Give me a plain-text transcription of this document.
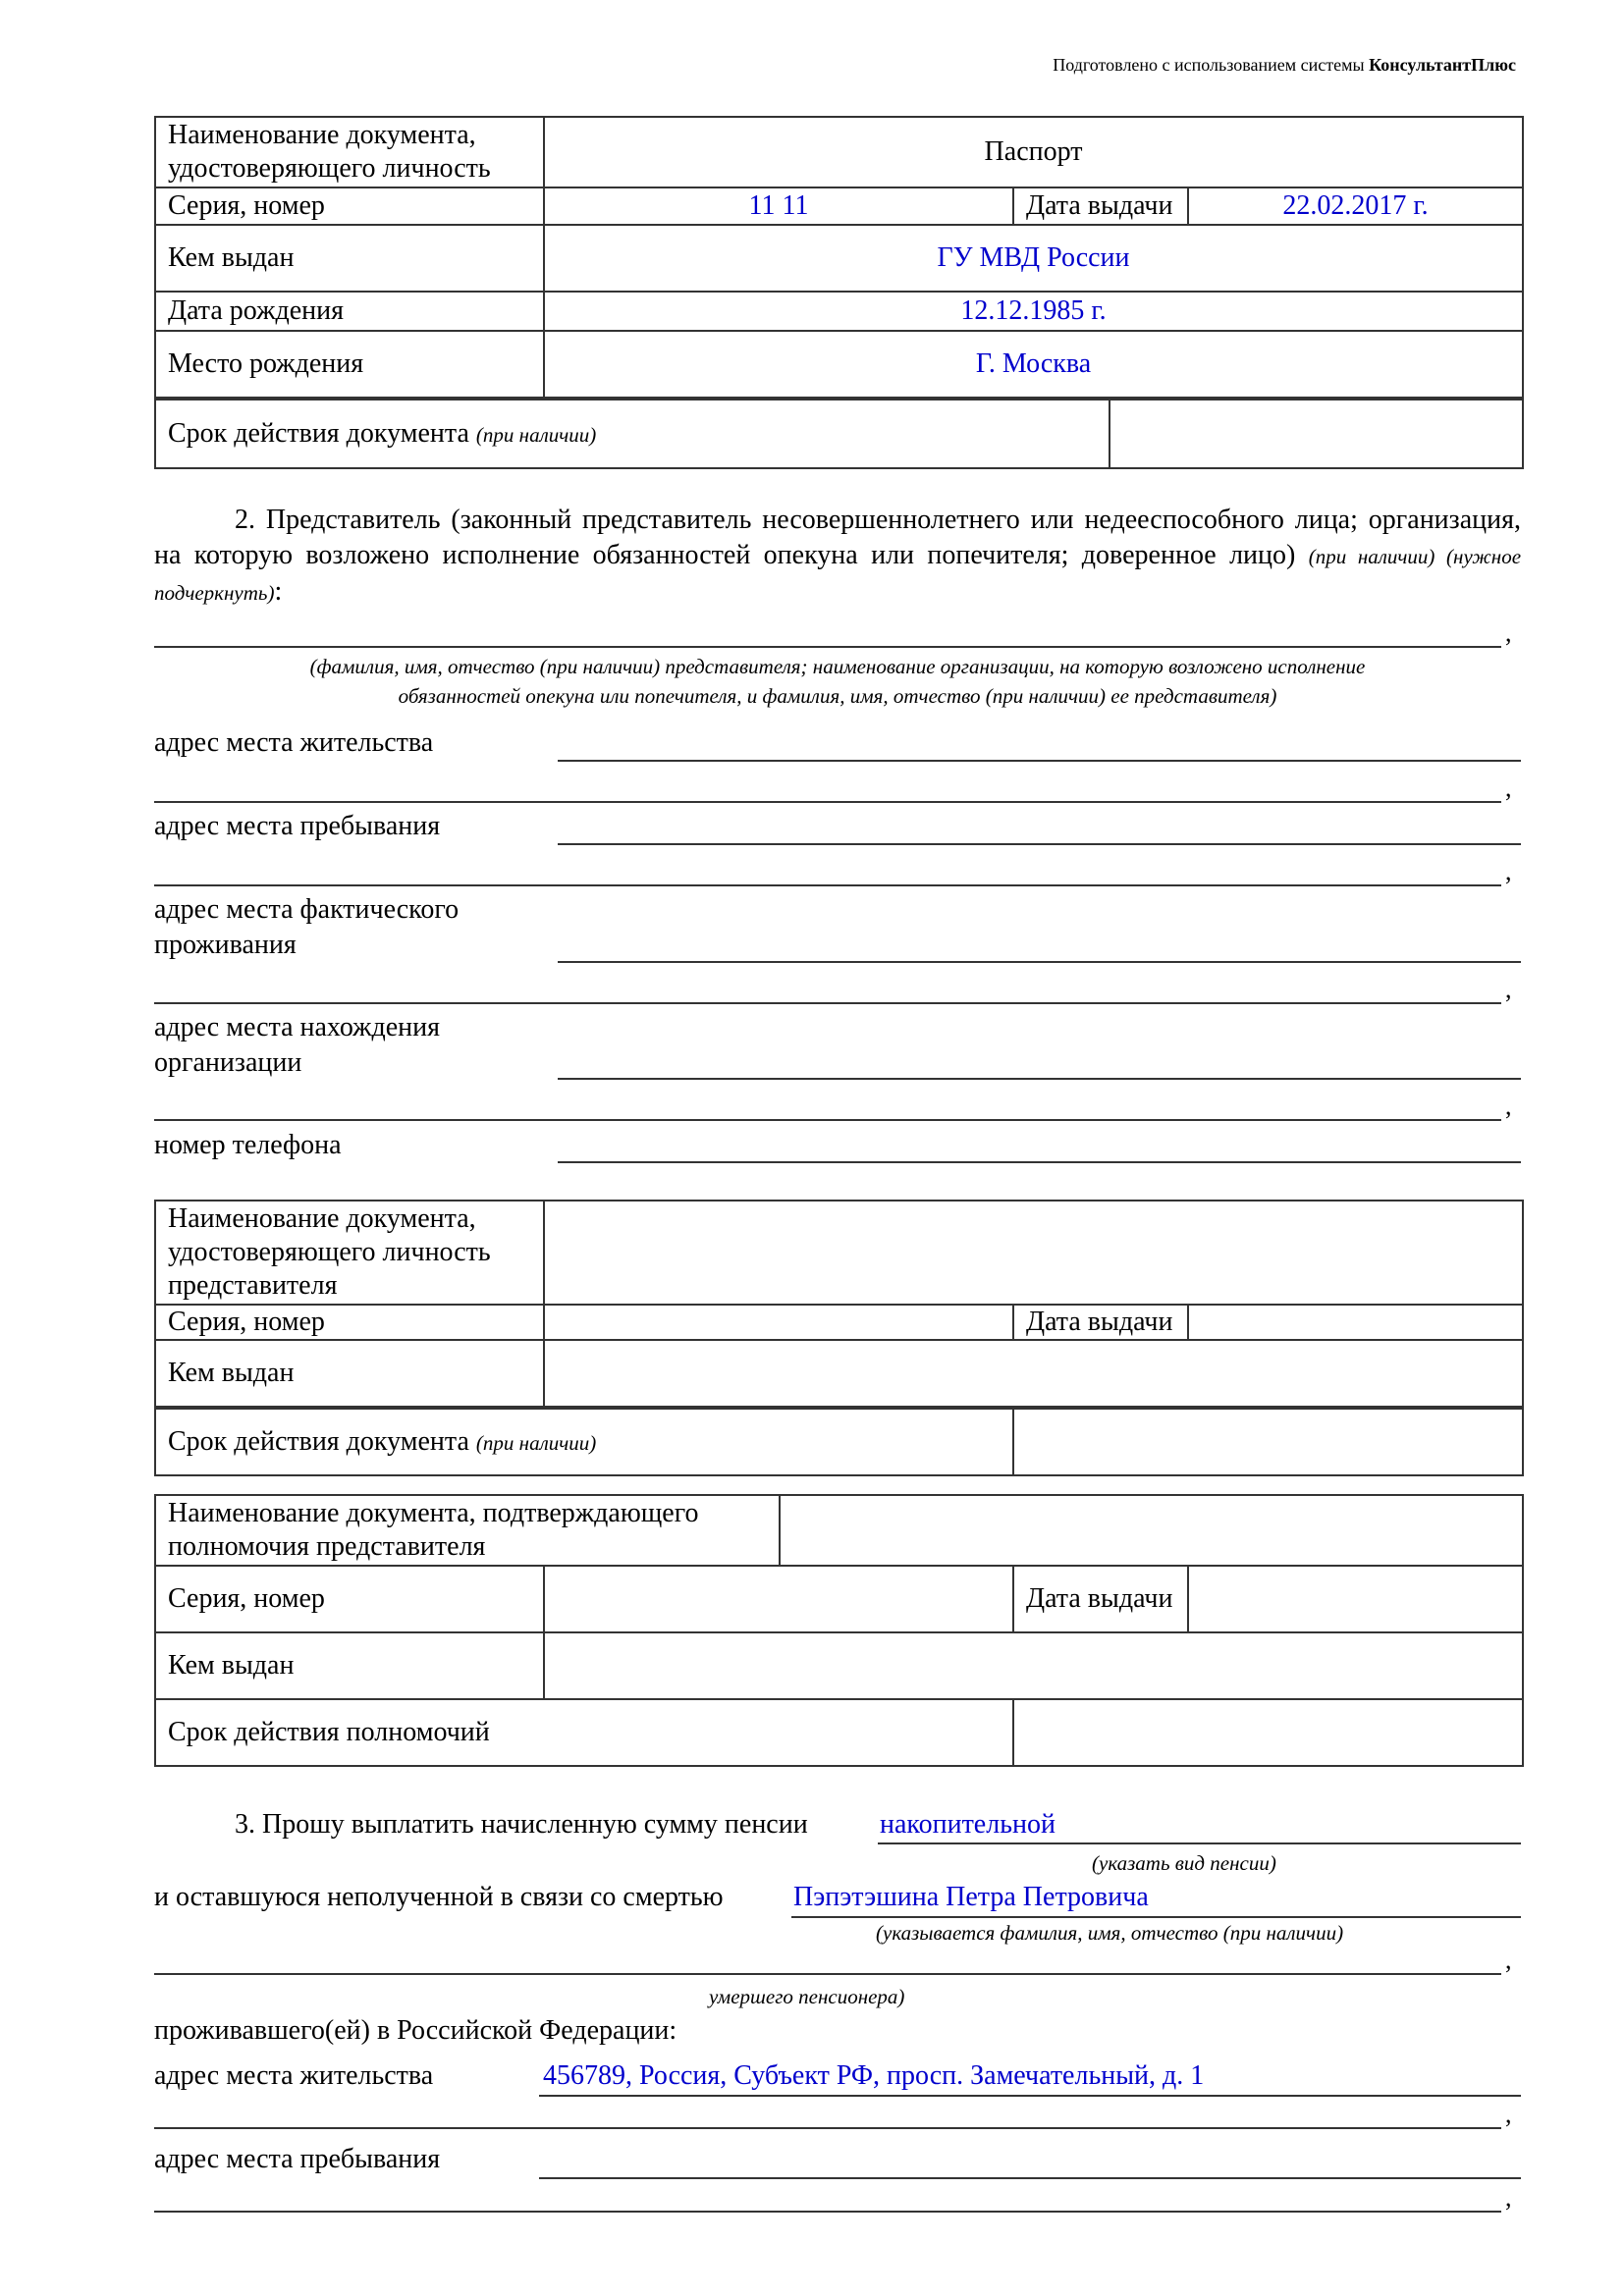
Подготовлено с использованием системы КонсультантПлюс
Наименование документа, удостоверяющего личность	Паспорт		
Серия, номер	11 11	Дата выдачи	22.02.2017 г.
Кем выдан	ГУ МВД России		
Дата рождения	12.12.1985 г.		
Место рождения	Г. Москва		
Срок действия документа (при наличии)	
2. Представитель (законный представитель несовершеннолетнего или недееспособного лица; организация, на которую возложено исполнение обязанностей опекуна или попечителя; доверенное лицо) (при наличии) (нужное подчеркнуть):
,
(фамилия, имя, отчество (при наличии) представителя; наименование организации, на которую возложено исполнение обязанностей опекуна или попечителя, и фамилия, имя, отчество (при наличии) ее представителя)
адрес места жительства
,
адрес места пребывания
,
адрес места фактического
проживания
,
адрес места нахождения
организации
,
номер телефона
Наименование документа, удостоверяющего личность представителя			
Серия, номер		Дата выдачи	
Кем выдан			
Срок действия документа (при наличии)	
Наименование документа, подтверждающего полномочия представителя	
Серия, номер		Дата выдачи	
Кем выдан			
Срок действия полномочий	
3. Прошу выплатить начисленную сумму пенсии	накопительной
(указать вид пенсии)
и оставшуюся неполученной в связи со смертью	Пэпэтэшина Петра Петровича
(указывается фамилия, имя, отчество (при наличии)
,
умершего пенсионера)
проживавшего(ей) в Российской Федерации:
адрес места жительства	456789, Россия, Субъект РФ, просп. Замечательный, д. 1
,
адрес места пребывания
,
